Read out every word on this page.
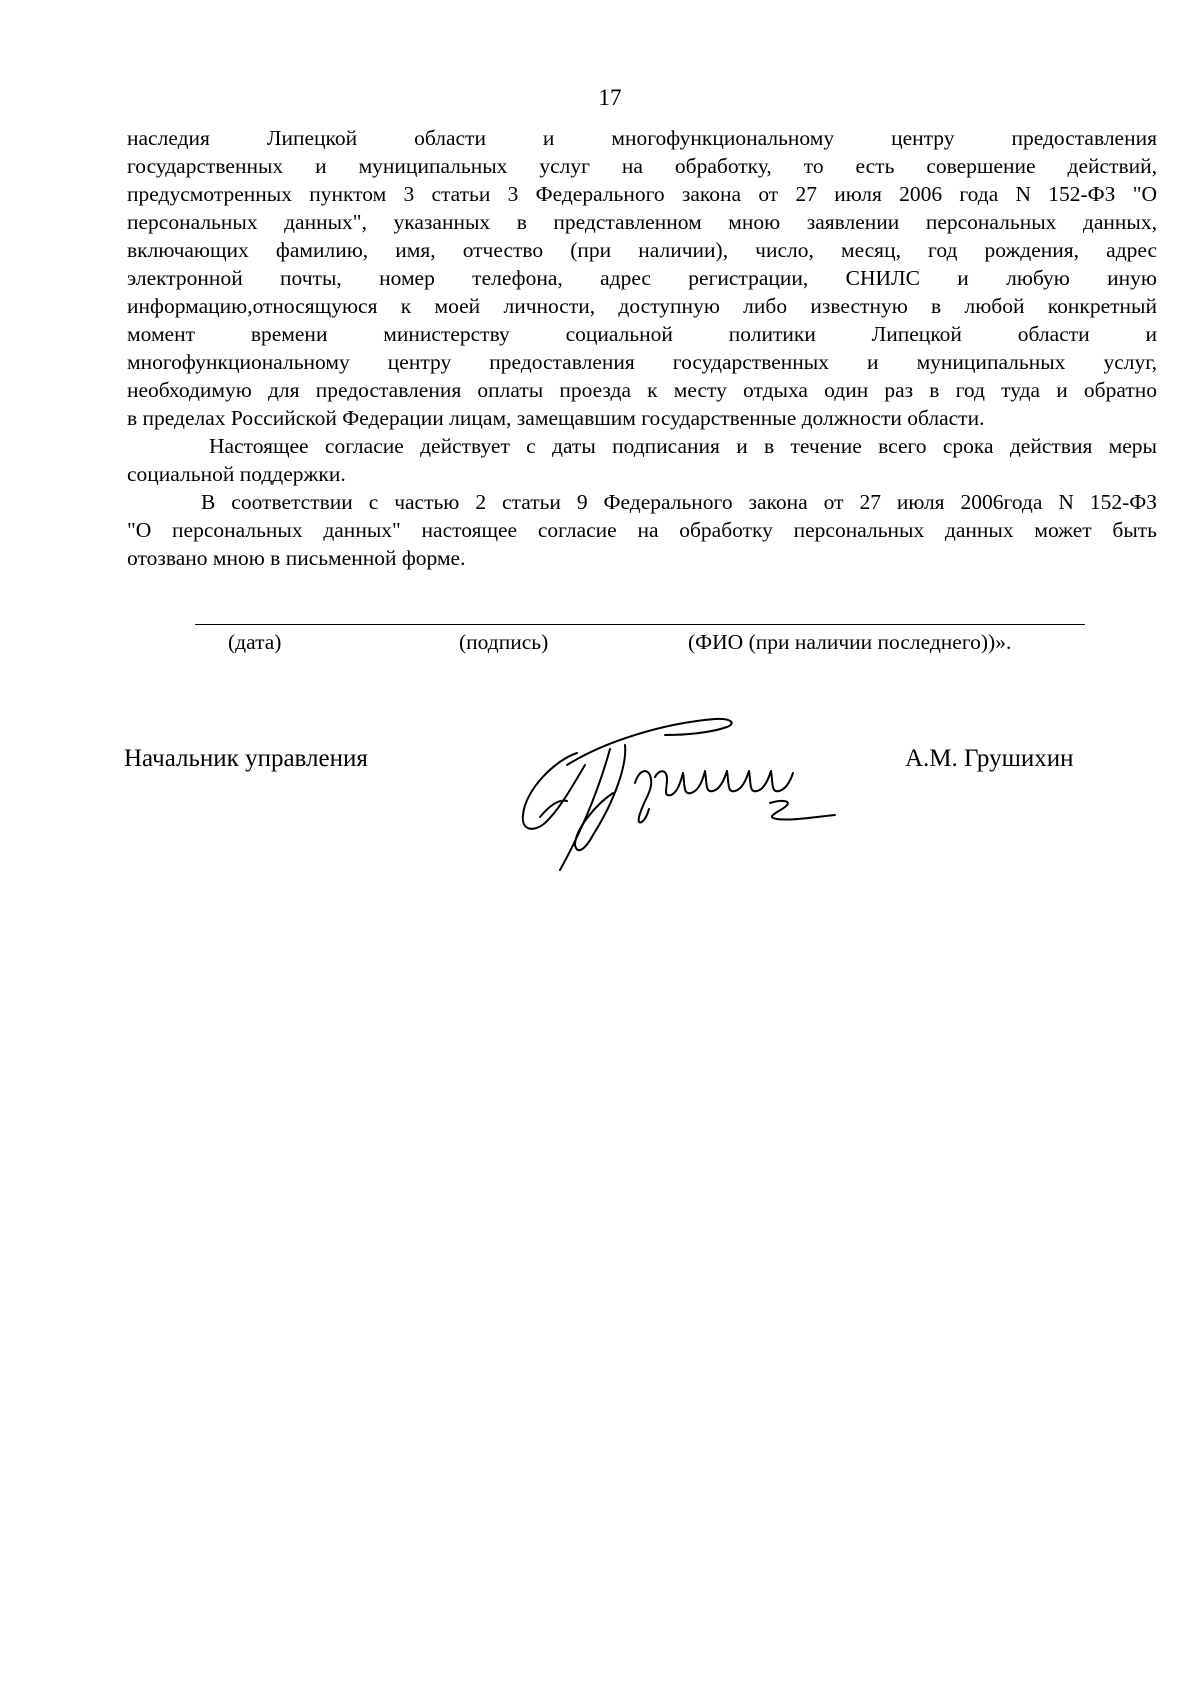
17

наследия Липецкой области и многофункциональному центру предоставления
государственных и муниципальных услуг на обработку, то есть совершение действий,
предусмотренных пунктом 3 статьи 3 Федерального закона от 27 июля 2006 года N 152-ФЗ "О
персональных данных", указанных в представленном мною заявлении персональных данных,
включающих фамилию, имя, отчество (при наличии), число, месяц, год рождения, адрес
электронной почты, номер телефона, адрес регистрации, СНИЛС и любую иную
информацию,относящуюся к моей личности, доступную либо известную в любой конкретный
момент времени министерству социальной политики Липецкой области и
многофункциональному центру предоставления государственных и муниципальных услуг,
необходимую для предоставления оплаты проезда к месту отдыха один раз в год туда и обратно
в пределах Российской Федерации лицам, замещавшим государственные должности области.

Настоящее согласие действует с даты подписания и в течение всего срока действия меры
социальной поддержки.

В соответствии с частью 2 статьи 9 Федерального закона от 27 июля 2006года N 152-ФЗ
"О персональных данных" настоящее согласие на обработку персональных данных может быть
отозвано мною в письменной форме.

(дата)	(подпись)	(ФИО (при наличии последнего))».
Начальник управления	А.М. Грушихин
